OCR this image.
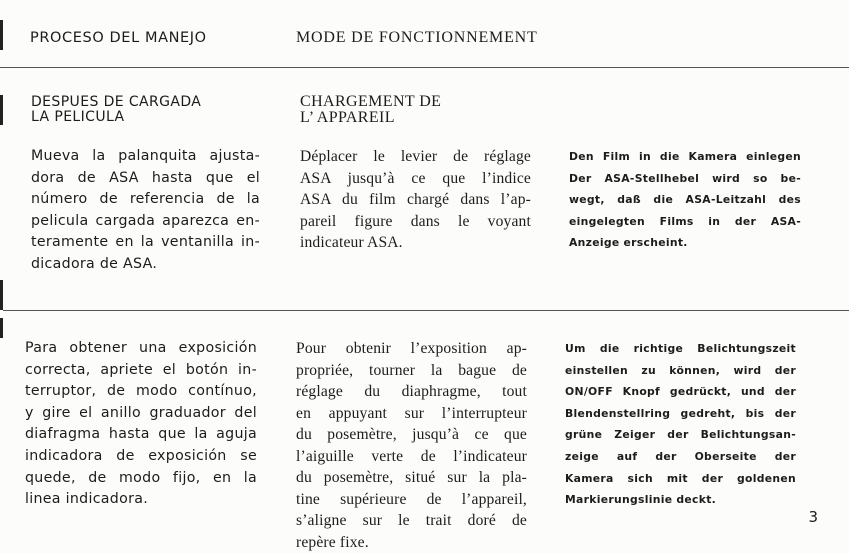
PROCESO DEL MANEJO	MODE DE FONCTIONNEMENT
DESPUES DE CARGADA
LA PELICULA
CHARGEMENT DE
L’ APPAREIL
Mueva la palanquita ajusta-
dora de ASA hasta que el
número de referencia de la
pelicula cargada aparezca en-
teramente en la ventanilla in-
dicadora de ASA.
Déplacer le levier de réglage
ASA jusqu’à ce que l’indice
ASA du film chargé dans l’ap-
pareil figure dans le voyant
indicateur ASA.
Den Film in die Kamera einlegen
Der ASA-Stellhebel wird so be-
wegt, daß die ASA-Leitzahl des
eingelegten Films in der ASA-
Anzeige erscheint.
Para obtener una exposición
correcta, apriete el botón in-
terruptor, de modo contínuo,
y gire el anillo graduador del
diafragma hasta que la aguja
indicadora de exposición se
quede, de modo fijo, en la
linea indicadora.
Pour obtenir l’exposition ap-
propriée, tourner la bague de
réglage du diaphragme, tout
en appuyant sur l’interrupteur
du posemètre, jusqu’à ce que
l’aiguille verte de l’indicateur
du posemètre, situé sur la pla-
tine supérieure de l’appareil,
s’aligne sur le trait doré de
repère fixe.
Um die richtige Belichtungszeit
einstellen zu können, wird der
ON/OFF Knopf gedrückt, und der
Blendenstellring gedreht, bis der
grüne Zeiger der Belichtungsan-
zeige auf der Oberseite der
Kamera sich mit der goldenen
Markierungslinie deckt.
3
